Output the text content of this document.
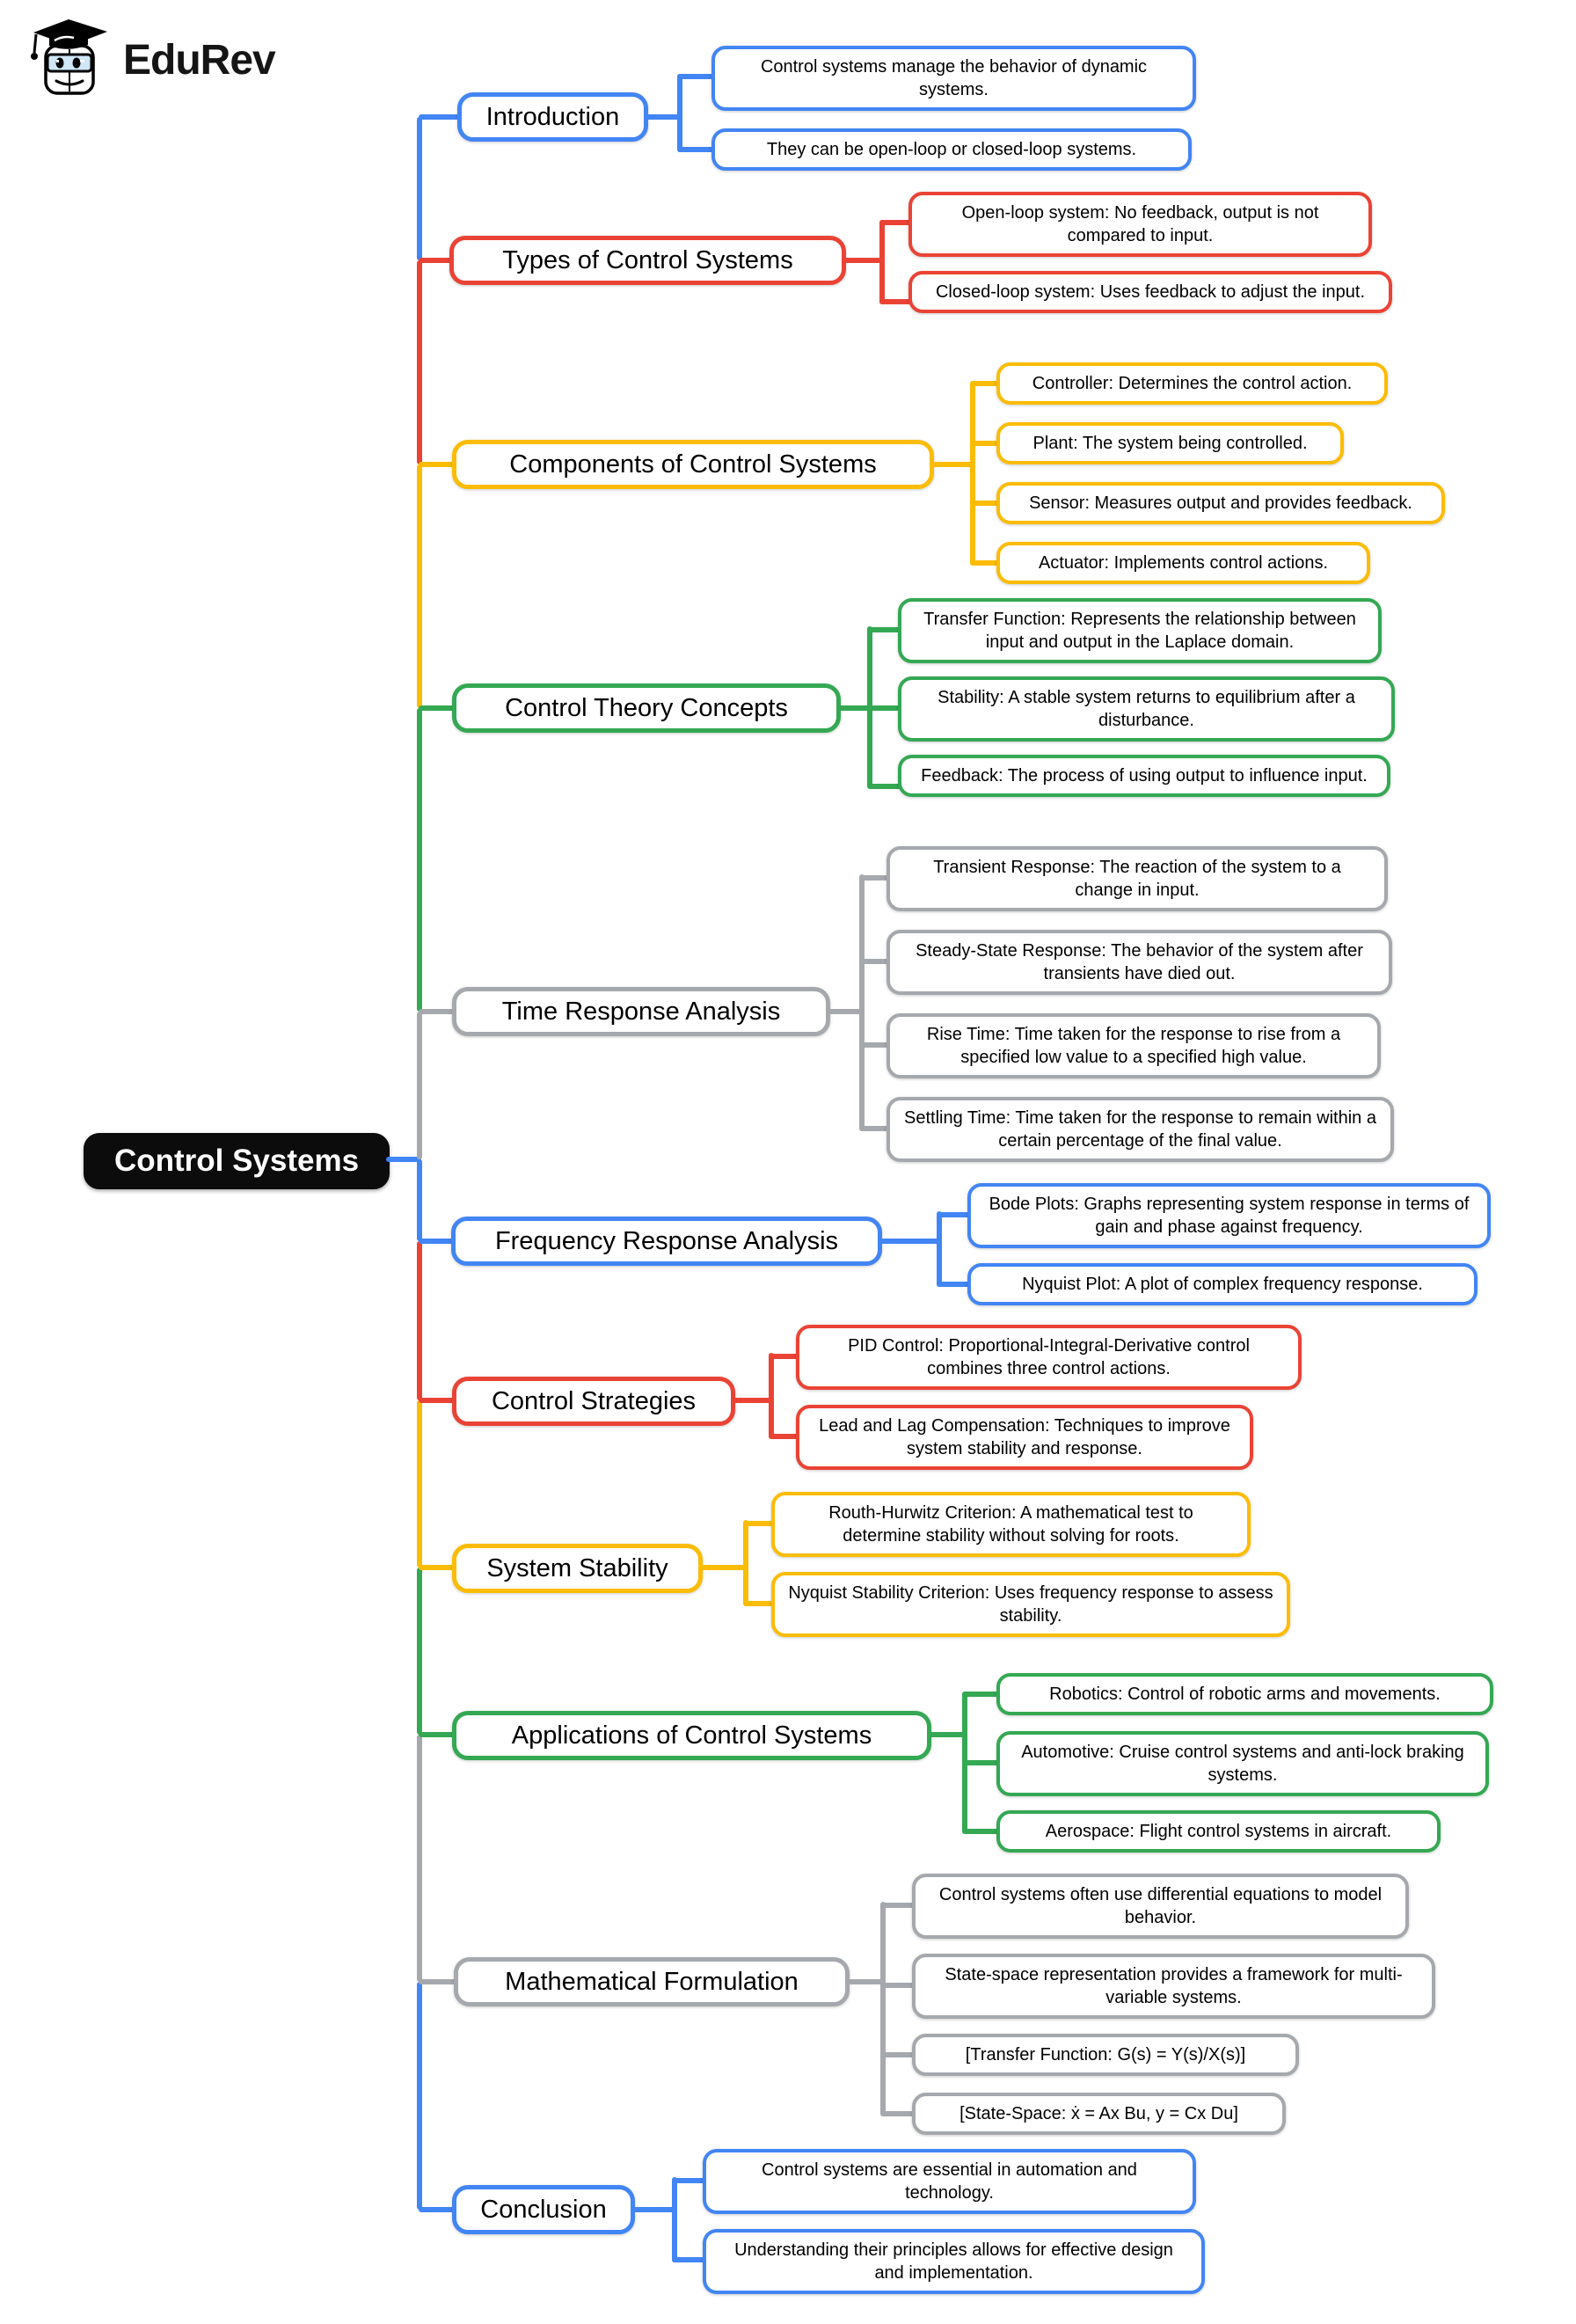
EduRev
Control Systems
Introduction
Control systems manage the behavior of dynamic systems.
They can be open-loop or closed-loop systems.
Types of Control Systems
Open-loop system: No feedback, output is not compared to input.
Closed-loop system: Uses feedback to adjust the input.
Components of Control Systems
Controller: Determines the control action.
Plant: The system being controlled.
Sensor: Measures output and provides feedback.
Actuator: Implements control actions.
Control Theory Concepts
Transfer Function: Represents the relationship between input and output in the Laplace domain.
Stability: A stable system returns to equilibrium after a disturbance.
Feedback: The process of using output to influence input.
Time Response Analysis
Transient Response: The reaction of the system to a change in input.
Steady-State Response: The behavior of the system after transients have died out.
Rise Time: Time taken for the response to rise from a specified low value to a specified high value.
Settling Time: Time taken for the response to remain within a certain percentage of the final value.
Frequency Response Analysis
Bode Plots: Graphs representing system response in terms of gain and phase against frequency.
Nyquist Plot: A plot of complex frequency response.
Control Strategies
PID Control: Proportional-Integral-Derivative control combines three control actions.
Lead and Lag Compensation: Techniques to improve system stability and response.
System Stability
Routh-Hurwitz Criterion: A mathematical test to determine stability without solving for roots.
Nyquist Stability Criterion: Uses frequency response to assess stability.
Applications of Control Systems
Robotics: Control of robotic arms and movements.
Automotive: Cruise control systems and anti-lock braking systems.
Aerospace: Flight control systems in aircraft.
Mathematical Formulation
Control systems often use differential equations to model behavior.
State-space representation provides a framework for multi-variable systems.
[Transfer Function: G(s) = Y(s)/X(s)]
[State-Space: ẋ = Ax Bu, y = Cx Du]
Conclusion
Control systems are essential in automation and technology.
Understanding their principles allows for effective design and implementation.
